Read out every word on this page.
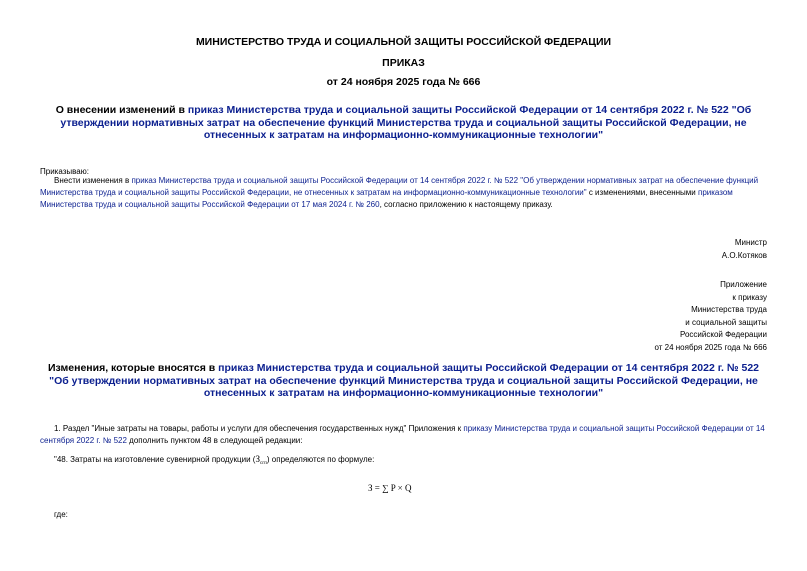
МИНИСТЕРСТВО ТРУДА И СОЦИАЛЬНОЙ ЗАЩИТЫ РОССИЙСКОЙ ФЕДЕРАЦИИ
ПРИКАЗ
от 24 ноября 2025 года № 666
О внесении изменений в приказ Министерства труда и социальной защиты Российской Федерации от 14 сентября 2022 г. № 522 "Об утверждении нормативных затрат на обеспечение функций Министерства труда и социальной защиты Российской Федерации, не отнесенных к затратам на информационно-коммуникационные технологии"
Приказываю:
Внести изменения в приказ Министерства труда и социальной защиты Российской Федерации от 14 сентября 2022 г. № 522 "Об утверждении нормативных затрат на обеспечение функций Министерства труда и социальной защиты Российской Федерации, не отнесенных к затратам на информационно-коммуникационные технологии" с изменениями, внесенными приказом Министерства труда и социальной защиты Российской Федерации от 17 мая 2024 г. № 260, согласно приложению к настоящему приказу.
Министр
А.О.Котяков
Приложение
к приказу
Министерства труда
и социальной защиты
Российской Федерации
от 24 ноября 2025 года № 666
Изменения, которые вносятся в приказ Министерства труда и социальной защиты Российской Федерации от 14 сентября 2022 г. № 522 "Об утверждении нормативных затрат на обеспечение функций Министерства труда и социальной защиты Российской Федерации, не отнесенных к затратам на информационно-коммуникационные технологии"
1. Раздел "Иные затраты на товары, работы и услуги для обеспечения государственных нужд" Приложения к приказу Министерства труда и социальной защиты Российской Федерации от 14 сентября 2022 г. № 522 дополнить пунктом 48 в следующей редакции:
"48. Затраты на изготовление сувенирной продукции $(З_{сгп})$ определяются по формуле:
З = ∑ P × Q
где:
